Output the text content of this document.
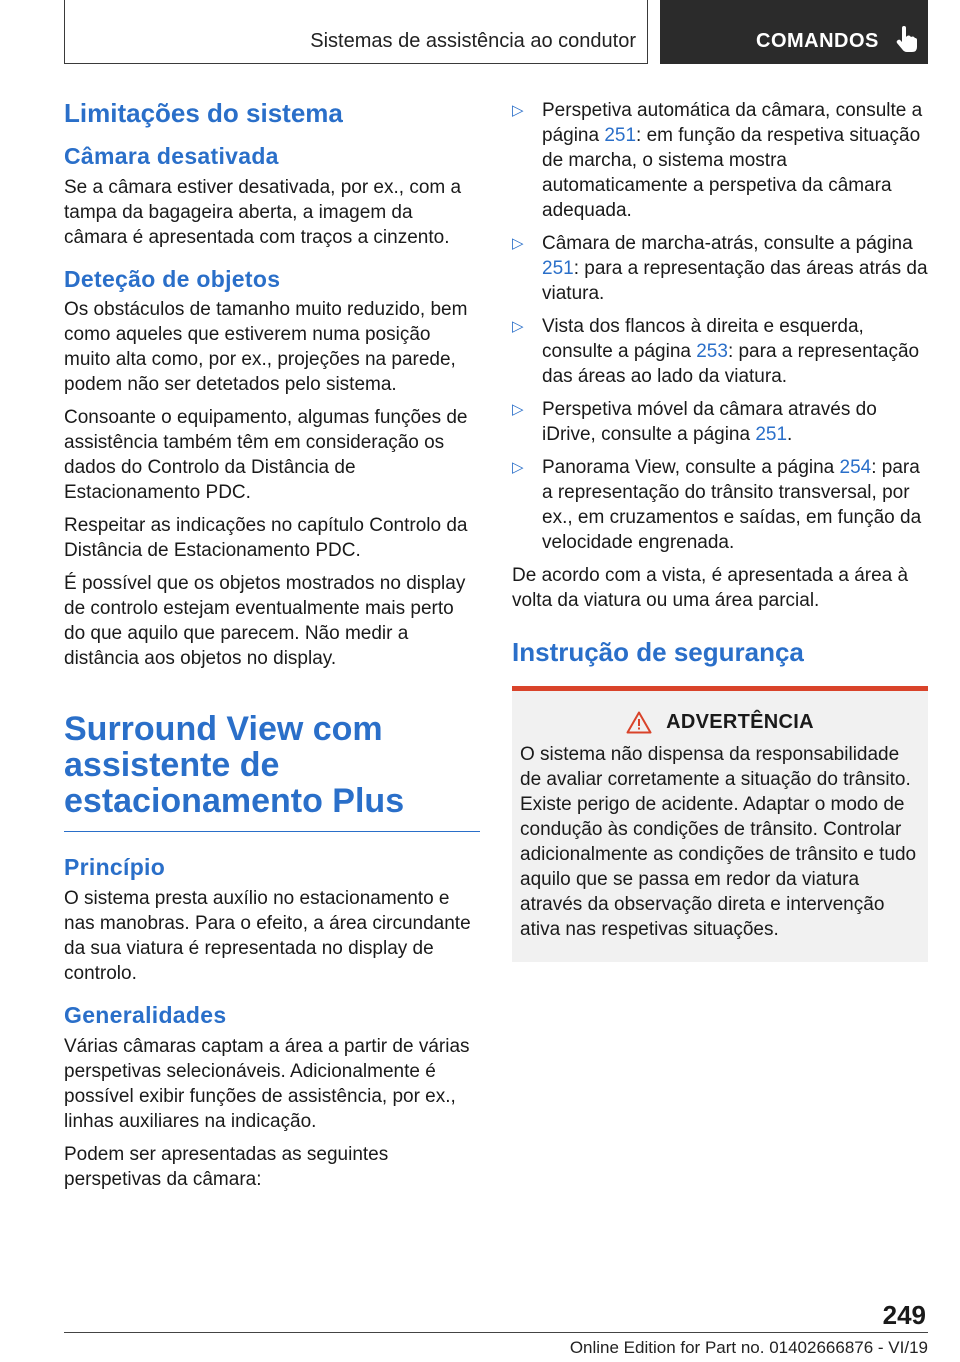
Sistemas de assistência ao condutor	COMANDOS
Limitações do sistema
Câmara desativada

Se a câmara estiver desativada, por ex., com a tampa da bagageira aberta, a imagem da câmara é apresentada com traços a cinzento.

Deteção de objetos

Os obstáculos de tamanho muito reduzido, bem como aqueles que estiverem numa posição muito alta como, por ex., projeções na parede, podem não ser detetados pelo sistema.

Consoante o equipamento, algumas funções de assistência também têm em consideração os dados do Controlo da Distância de Estacionamento PDC.

Respeitar as indicações no capítulo Controlo da Distância de Estacionamento PDC.

É possível que os objetos mostrados no display de controlo estejam eventualmente mais perto do que aquilo que parecem. Não medir a distância aos objetos no display.

Surround View com assistente de estacionamento Plus
Princípio

O sistema presta auxílio no estacionamento e nas manobras. Para o efeito, a área circundante da sua viatura é representada no display de controlo.

Generalidades

Várias câmaras captam a área a partir de várias perspetivas selecionáveis. Adicionalmente é possível exibir funções de assistência, por ex., linhas auxiliares na indicação.

Podem ser apresentadas as seguintes perspetivas da câmara:

▷ Perspetiva automática da câmara, consulte a página 251: em função da respetiva situação de marcha, o sistema mostra automaticamente a perspetiva da câmara adequada.
▷ Câmara de marcha-atrás, consulte a página 251: para a representação das áreas atrás da viatura.
▷ Vista dos flancos à direita e esquerda, consulte a página 253: para a representação das áreas ao lado da viatura.
▷ Perspetiva móvel da câmara através do iDrive, consulte a página 251.
▷ Panorama View, consulte a página 254: para a representação do trânsito transversal, por ex., em cruzamentos e saídas, em função da velocidade engrenada.

De acordo com a vista, é apresentada a área à volta da viatura ou uma área parcial.

Instrução de segurança
ADVERTÊNCIA

O sistema não dispensa da responsabilidade de avaliar corretamente a situação do trânsito. Existe perigo de acidente. Adaptar o modo de condução às condições de trânsito. Controlar adicionalmente as condições de trânsito e tudo aquilo que se passa em redor da viatura através da observação direta e intervenção ativa nas respetivas situações.

249
Online Edition for Part no. 01402666876 - VI/19
